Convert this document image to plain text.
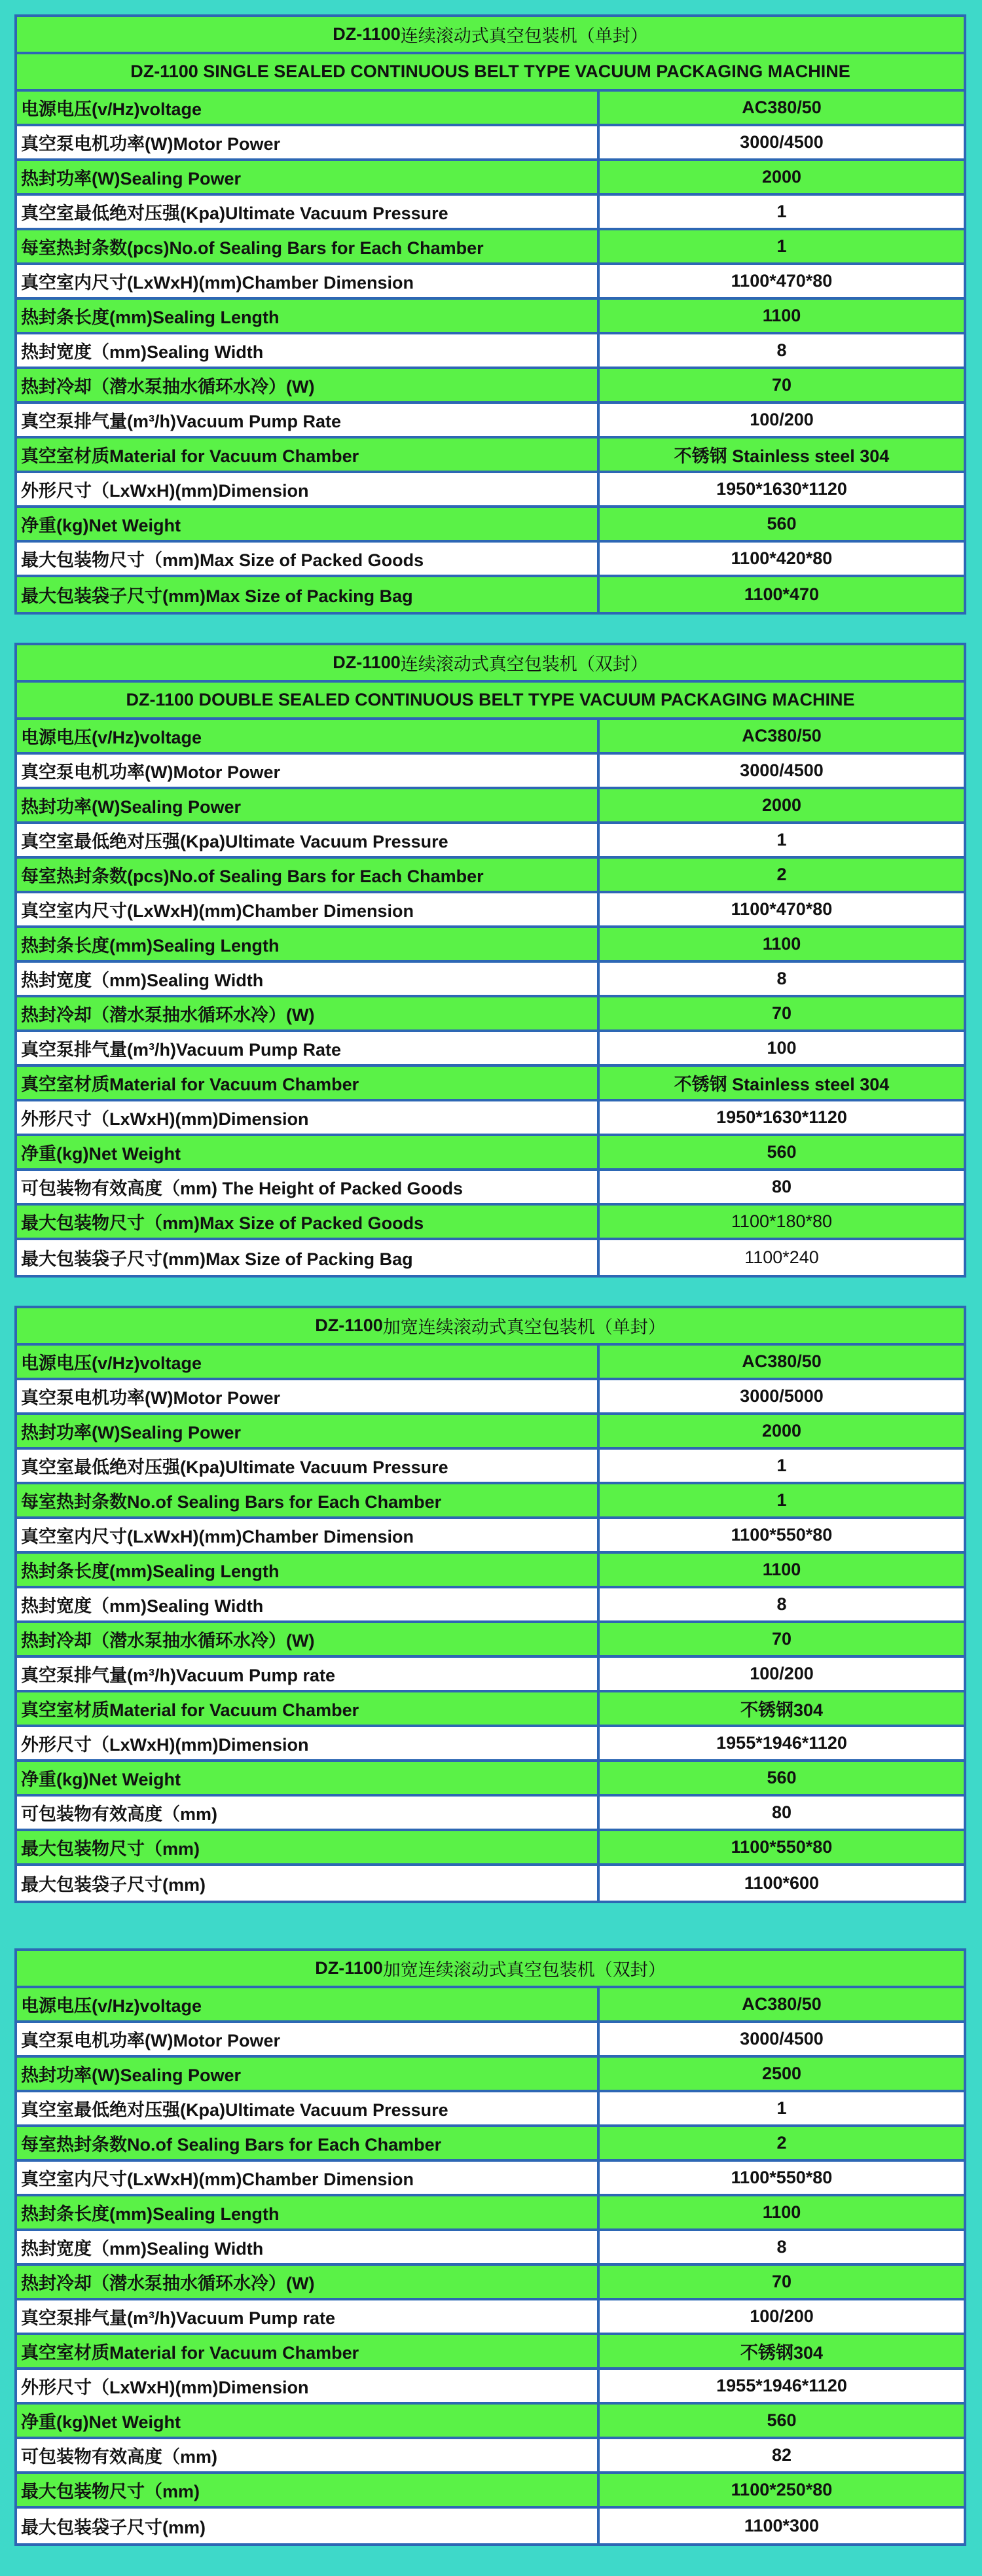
DZ-1100 连续滚动式真空包装机（单封）
DZ-1100 SINGLE SEALED CONTINUOUS BELT TYPE VACUUM PACKAGING MACHINE
电源电压(v/Hz)voltage	AC380/50
真空泵电机功率(W)Motor Power	3000/4500
热封功率(W)Sealing Power	2000
真空室最低绝对压强(Kpa)Ultimate Vacuum Pressure	1
每室热封条数(pcs)No.of Sealing Bars for Each Chamber	1
真空室内尺寸(LxWxH)(mm)Chamber Dimension	1100*470*80
热封条长度(mm)Sealing Length	1100
热封宽度（mm)Sealing Width	8
热封冷却（潜水泵抽水循环水冷）(W)	70
真空泵排气量(m³/h)Vacuum Pump Rate	100/200
真空室材质Material for Vacuum Chamber	不锈钢 Stainless steel 304
外形尺寸（LxWxH)(mm)Dimension	1950*1630*1120
净重(kg)Net Weight	560
最大包装物尺寸（mm)Max Size of Packed Goods	1100*420*80
最大包装袋子尺寸(mm)Max Size of Packing Bag	1100*470
DZ-1100 连续滚动式真空包装机（双封）
DZ-1100 DOUBLE SEALED CONTINUOUS BELT TYPE VACUUM PACKAGING MACHINE
电源电压(v/Hz)voltage	AC380/50
真空泵电机功率(W)Motor Power	3000/4500
热封功率(W)Sealing Power	2000
真空室最低绝对压强(Kpa)Ultimate Vacuum Pressure	1
每室热封条数(pcs)No.of Sealing Bars for Each Chamber	2
真空室内尺寸(LxWxH)(mm)Chamber Dimension	1100*470*80
热封条长度(mm)Sealing Length	1100
热封宽度（mm)Sealing Width	8
热封冷却（潜水泵抽水循环水冷）(W)	70
真空泵排气量(m³/h)Vacuum Pump Rate	100
真空室材质Material for Vacuum Chamber	不锈钢 Stainless steel 304
外形尺寸（LxWxH)(mm)Dimension	1950*1630*1120
净重(kg)Net Weight	560
可包装物有效高度（mm) The Height of Packed Goods	80
最大包装物尺寸（mm)Max Size of Packed Goods	1100*180*80
最大包装袋子尺寸(mm)Max Size of Packing Bag	1100*240
DZ-1100 加宽连续滚动式真空包装机（单封）
电源电压(v/Hz)voltage	AC380/50
真空泵电机功率(W)Motor Power	3000/5000
热封功率(W)Sealing Power	2000
真空室最低绝对压强(Kpa)Ultimate Vacuum Pressure	1
每室热封条数No.of Sealing Bars for Each Chamber	1
真空室内尺寸(LxWxH)(mm)Chamber Dimension	1100*550*80
热封条长度(mm)Sealing Length	1100
热封宽度（mm)Sealing Width	8
热封冷却（潜水泵抽水循环水冷）(W)	70
真空泵排气量(m³/h)Vacuum Pump rate	100/200
真空室材质Material for Vacuum Chamber	不锈钢304
外形尺寸（LxWxH)(mm)Dimension	1955*1946*1120
净重(kg)Net Weight	560
可包装物有效高度（mm)	80
最大包装物尺寸（mm)	1100*550*80
最大包装袋子尺寸(mm)	1100*600
DZ-1100 加宽连续滚动式真空包装机（双封）
电源电压(v/Hz)voltage	AC380/50
真空泵电机功率(W)Motor Power	3000/4500
热封功率(W)Sealing Power	2500
真空室最低绝对压强(Kpa)Ultimate Vacuum Pressure	1
每室热封条数No.of Sealing Bars for Each Chamber	2
真空室内尺寸(LxWxH)(mm)Chamber Dimension	1100*550*80
热封条长度(mm)Sealing Length	1100
热封宽度（mm)Sealing Width	8
热封冷却（潜水泵抽水循环水冷）(W)	70
真空泵排气量(m³/h)Vacuum Pump rate	100/200
真空室材质Material for Vacuum Chamber	不锈钢304
外形尺寸（LxWxH)(mm)Dimension	1955*1946*1120
净重(kg)Net Weight	560
可包装物有效高度（mm)	82
最大包装物尺寸（mm)	1100*250*80
最大包装袋子尺寸(mm)	1100*300
